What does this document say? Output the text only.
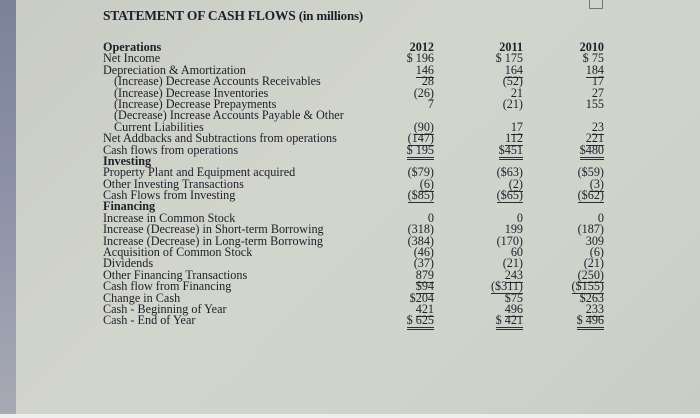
STATEMENT OF CASH FLOWS (in millions)
Operations
Net Income
Depreciation & Amortization
(Increase) Decrease Accounts Receivables
(Increase) Decrease Inventories
(Increase) Decrease Prepayments
(Decrease) Increase Accounts Payable & Other
Current Liabilities
Net Addbacks and Subtractions from operations
Cash flows from operations
Investing
Property Plant and Equipment acquired
Other Investing Transactions
Cash Flows from Investing
Financing
Increase in Common Stock
Increase (Decrease) in Short-term Borrowing
Increase (Decrease) in Long-term Borrowing
Acquisition of Common Stock
Dividends
Other Financing Transactions
Cash flow from Financing
Change in Cash
Cash - Beginning of Year
Cash - End of Year
2012
$ 196
146
28
(26)
7
(90)
(147)
$ 195
($79)
(6)
($85)
0
(318)
(384)
(46)
(37)
879
$94
$204
421
$ 625
2011
$ 175
164
(52)
21
(21)
17
112
$451
($63)
(2)
($65)
0
199
(170)
60
(21)
243
($311)
$75
496
$ 421
2010
$ 75
184
17
27
155
23
221
$480
($59)
(3)
($62)
0
(187)
309
(6)
(21)
(250)
($155)
$263
233
$ 496
